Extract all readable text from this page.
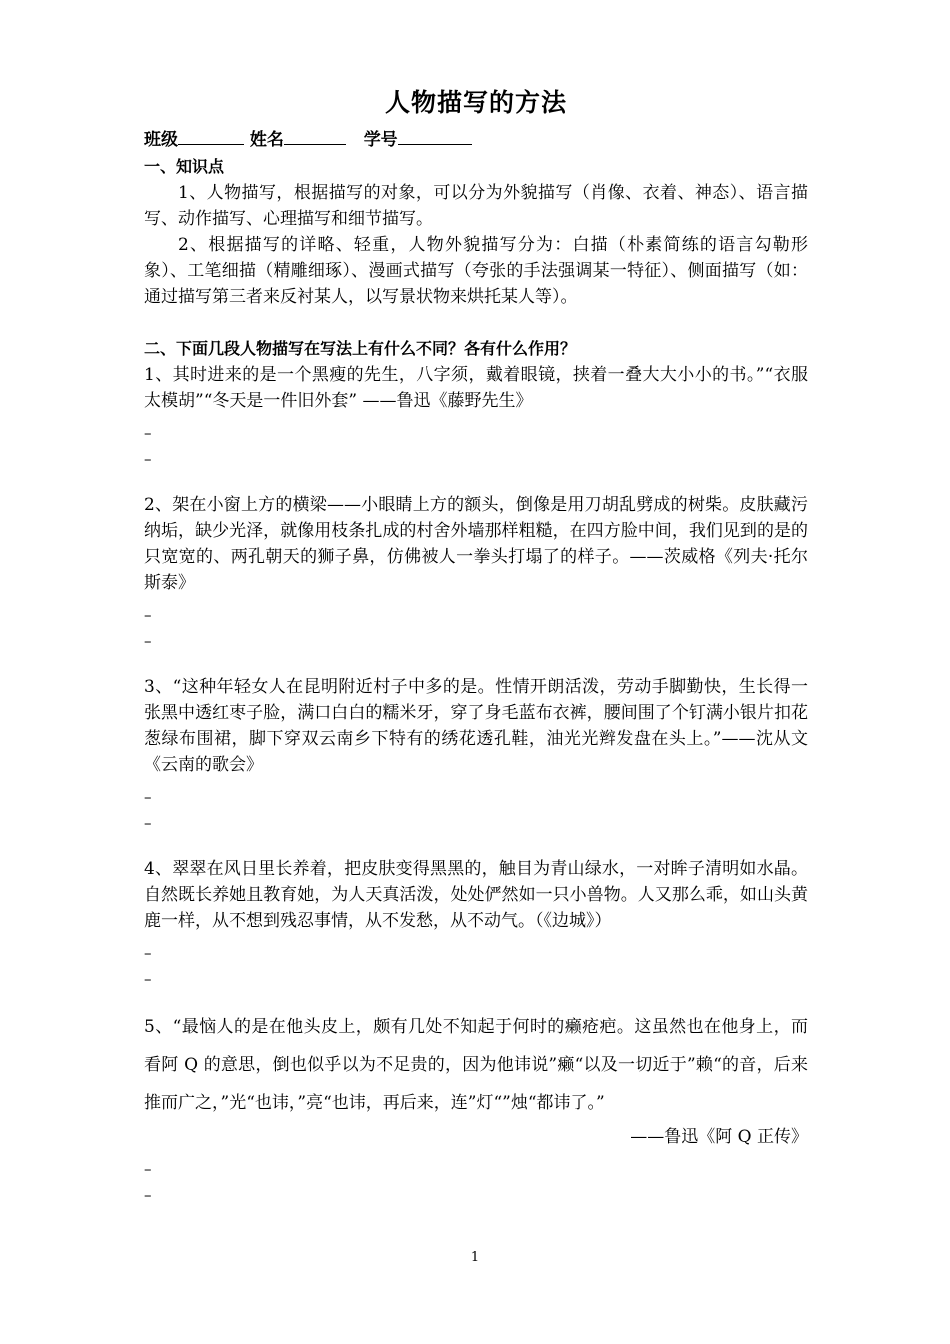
人物描写的方法
班级	姓名	学号

一、知识点

1、人物描写，根据描写的对象，可以分为外貌描写（肖像、衣着、神态）、语言描写、动作描写、心理描写和细节描写。

2、根据描写的详略、轻重，人物外貌描写分为：白描（朴素简练的语言勾勒形象）、工笔细描（精雕细琢）、漫画式描写（夸张的手法强调某一特征）、侧面描写（如：通过描写第三者来反衬某人，以写景状物来烘托某人等）。

二、下面几段人物描写在写法上有什么不同？各有什么作用？

1、其时进来的是一个黑瘦的先生，八字须，戴着眼镜，挟着一叠大大小小的书。”“衣服太模胡”“冬天是一件旧外套” ——鲁迅《藤野先生》

–
–

2、架在小窗上方的横梁——小眼睛上方的额头，倒像是用刀胡乱劈成的树柴。皮肤藏污纳垢，缺少光泽，就像用枝条扎成的村舍外墙那样粗糙，在四方脸中间，我们见到的是的只宽宽的、两孔朝天的狮子鼻，仿佛被人一拳头打塌了的样子。——茨威格《列夫·托尔斯泰》

–
–

3、“这种年轻女人在昆明附近村子中多的是。性情开朗活泼，劳动手脚勤快，生长得一张黑中透红枣子脸，满口白白的糯米牙，穿了身毛蓝布衣裤，腰间围了个钉满小银片扣花葱绿布围裙，脚下穿双云南乡下特有的绣花透孔鞋，油光光辫发盘在头上。”——沈从文《云南的歌会》

–
–

4、翠翠在风日里长养着，把皮肤变得黑黑的，触目为青山绿水，一对眸子清明如水晶。自然既长养她且教育她，为人天真活泼，处处俨然如一只小兽物。人又那么乖，如山头黄鹿一样，从不想到残忍事情，从不发愁，从不动气。（《边城》）

–
–

5、“最恼人的是在他头皮上，颇有几处不知起于何时的癞疮疤。这虽然也在他身上，而看阿 Q 的意思，倒也似乎以为不足贵的，因为他讳说”癞“以及一切近于”赖“的音，后来推而广之，”光“也讳，”亮“也讳，再后来，连”灯“”烛“都讳了。”

——鲁迅《阿 Q 正传》

–
–
1
